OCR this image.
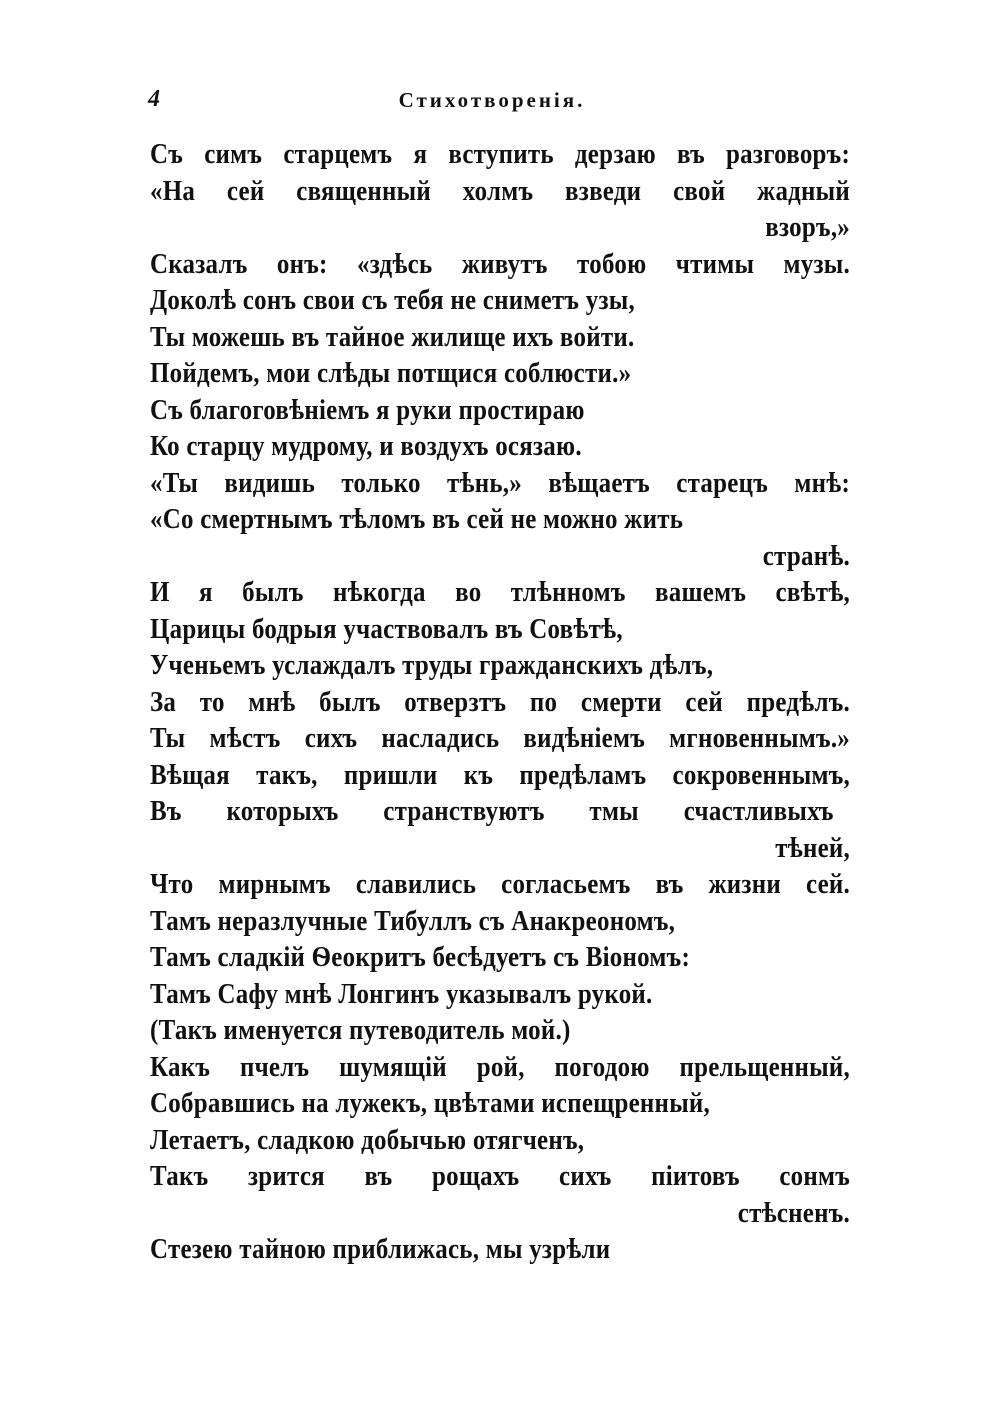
4	Стихотворенія.
Съ симъ старцемъ я вступить дерзаю въ разговоръ:
«На сей священный холмъ взведи свой жадный
взоръ,»
Сказалъ онъ: «здѣсь живутъ тобою чтимы музы.
Доколѣ сонъ свои съ тебя не сниметъ узы,
Ты можешь въ тайное жилище ихъ войти.
Пойдемъ, мои слѣды потщися соблюсти.»
Съ благоговѣніемъ я руки простираю
Ко старцу мудрому, и воздухъ осязаю.
«Ты видишь только тѣнь,» вѣщаетъ старецъ мнѣ:
«Со смертнымъ тѣломъ въ сей не можно жить
странѣ.
И я былъ нѣкогда во тлѣнномъ вашемъ свѣтѣ,
Царицы бодрыя участвовалъ въ Совѣтѣ,
Ученьемъ услаждалъ труды гражданскихъ дѣлъ,
За то мнѣ былъ отверзтъ по смерти сей предѣлъ.
Ты мѣстъ сихъ насладись видѣніемъ мгновеннымъ.»
Вѣщая такъ, пришли къ предѣламъ сокровеннымъ,
Въ которыхъ странствуютъ тмы счастливыхъ
тѣней,
Что мирнымъ славились согласьемъ въ жизни сей.
Тамъ неразлучные Тибуллъ съ Анакреономъ,
Тамъ сладкій Ѳеокритъ бесѣдуетъ съ Віономъ:
Тамъ Сафу мнѣ Лонгинъ указывалъ рукой.
(Такъ именуется путеводитель мой.)
Какъ пчелъ шумящій рой, погодою прельщенный,
Собравшись на лужекъ, цвѣтами испещренный,
Летаетъ, сладкою добычью отягченъ,
Такъ зрится въ рощахъ сихъ піитовъ сонмъ
стѣсненъ.
Стезею тайною приближась, мы узрѣли
